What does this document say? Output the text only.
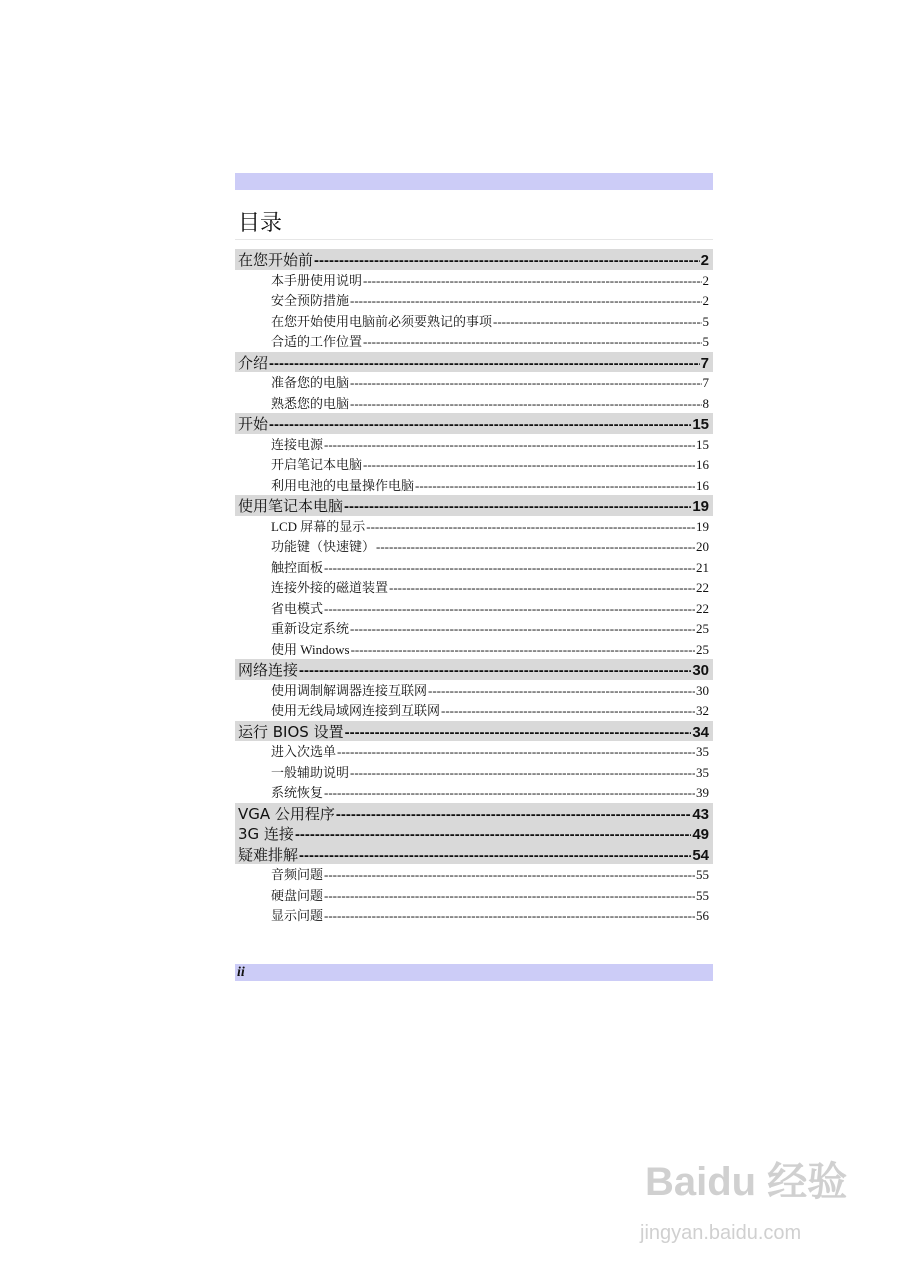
目录
在您开始前 -----	2
本手册使用说明 -----	2
安全预防措施 -----	2
在您开始使用电脑前必须要熟记的事项 -----	5
合适的工作位置 -----	5
介绍 -----	7
准备您的电脑 -----	7
熟悉您的电脑 -----	8
开始 -----	15
连接电源 -----	15
开启笔记本电脑 -----	16
利用电池的电量操作电脑 -----	16
使用笔记本电脑 -----	19
LCD 屏幕的显示 -----	19
功能键（快速键） -----	20
触控面板 -----	21
连接外接的磁道装置 -----	22
省电模式 -----	22
重新设定系统 -----	25
使用 Windows -----	25
网络连接 -----	30
使用调制解调器连接互联网 -----	30
使用无线局域网连接到互联网 -----	32
运行 BIOS 设置 -----	34
进入次选单 -----	35
一般辅助说明 -----	35
系统恢复 -----	39
VGA 公用程序 -----	43
3G 连接 -----	49
疑难排解 -----	54
音频问题 -----	55
硬盘问题 -----	55
显示问题 -----	56
ii
Baidu 经验
jingyan.baidu.com
